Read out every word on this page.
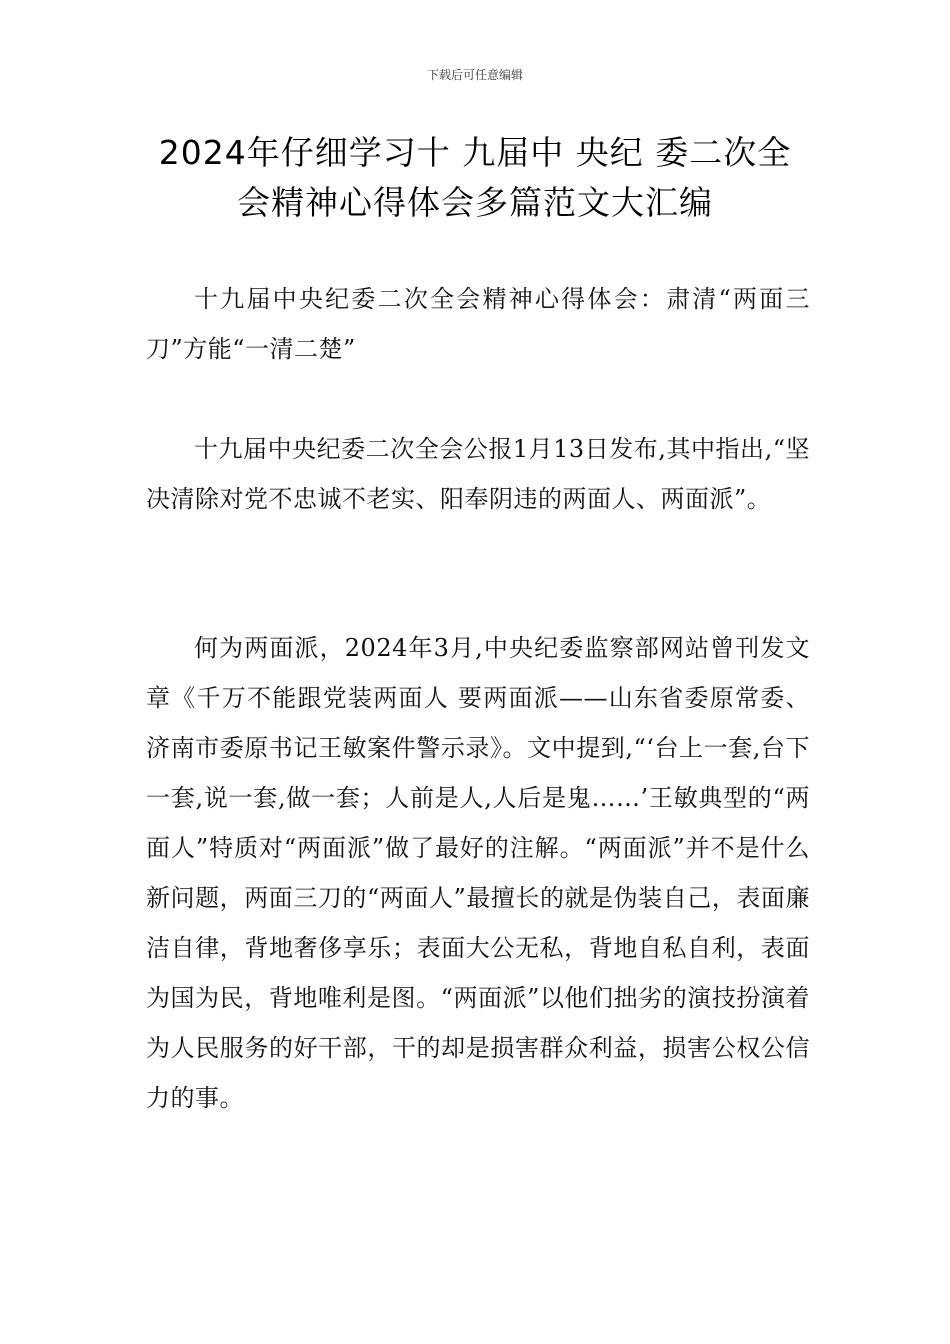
下载后可任意编辑
2024年仔细学习十 九届中 央纪 委二次全
会精神心得体会多篇范文大汇编

十九届中央纪委二次全会精神心得体会：肃清“两面三刀”方能“一清二楚”

十九届中央纪委二次全会公报1月13日发布,其中指出,“坚决清除对党不忠诚不老实、阳奉阴违的两面人、两面派”。

何为两面派，2024年3月,中央纪委监察部网站曾刊发文章《千万不能跟党装两面人 要两面派——山东省委原常委、济南市委原书记王敏案件警示录》。文中提到,“‘台上一套,台下一套,说一套,做一套；人前是人,人后是鬼……’王敏典型的“两面人”特质对“两面派”做了最好的注解。“两面派”并不是什么新问题，两面三刀的“两面人”最擅长的就是伪装自己，表面廉洁自律，背地奢侈享乐；表面大公无私，背地自私自利，表面为国为民，背地唯利是图。“两面派”以他们拙劣的演技扮演着为人民服务的好干部，干的却是损害群众利益，损害公权公信力的事。
